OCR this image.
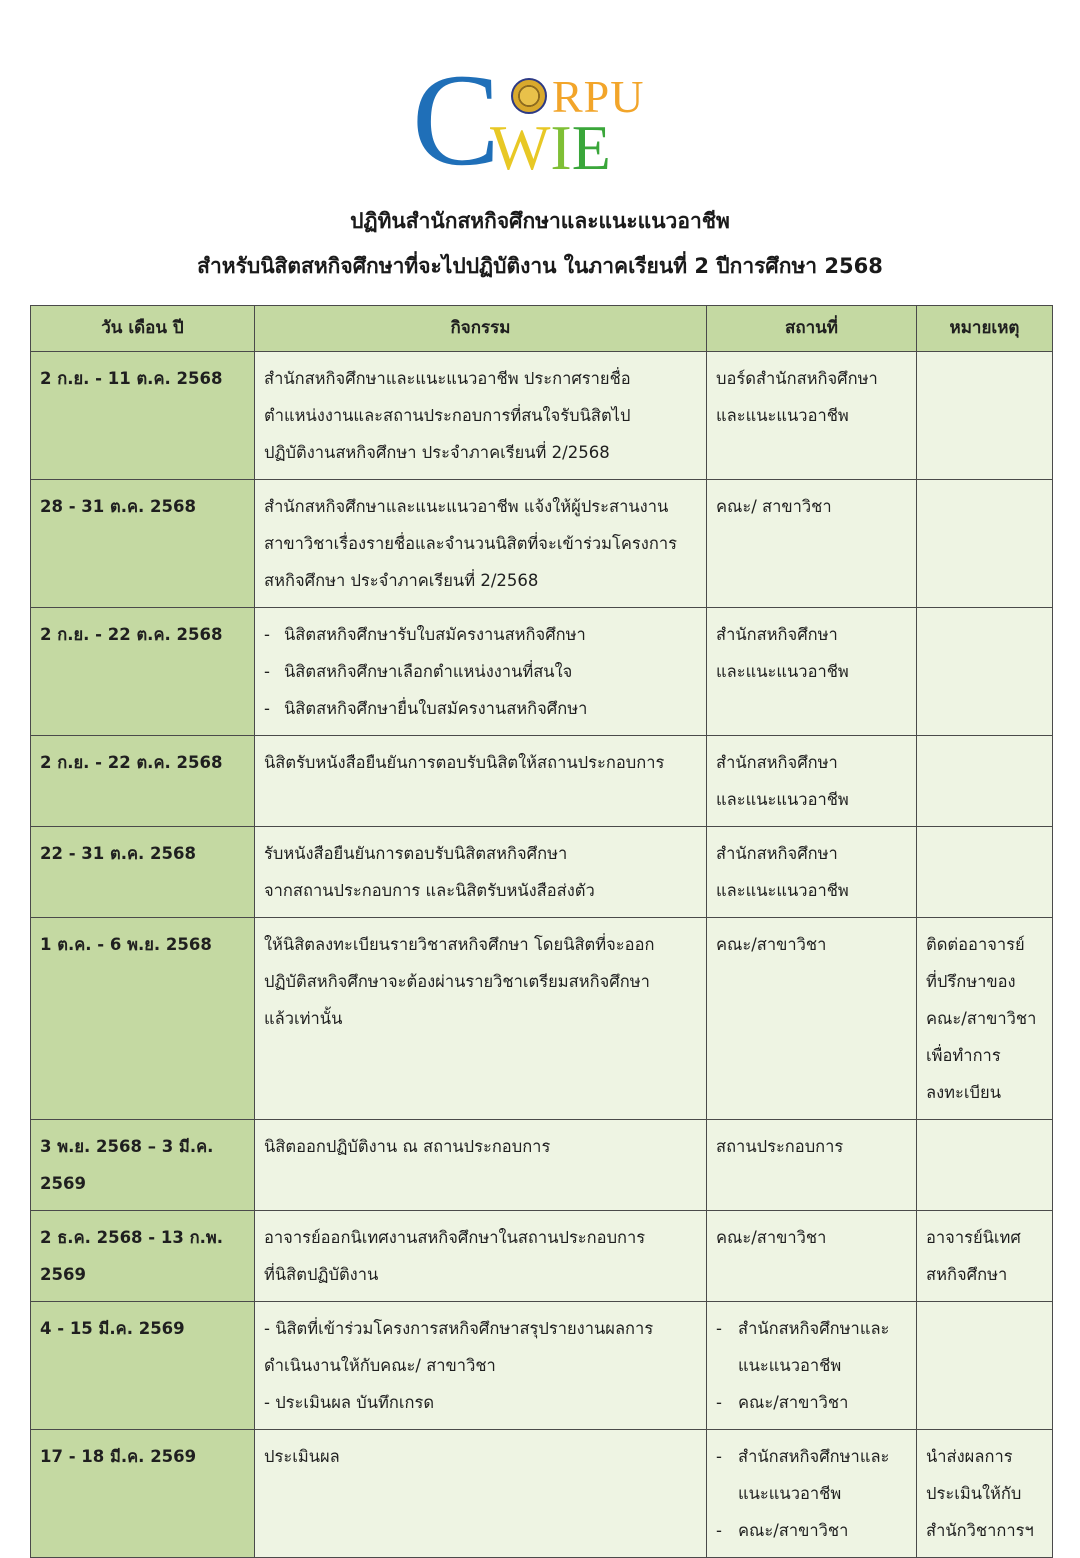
C RPU
WIE
ปฏิทินสำนักสหกิจศึกษาและแนะแนวอาชีพ
สำหรับนิสิตสหกิจศึกษาที่จะไปปฏิบัติงาน ในภาคเรียนที่ 2 ปีการศึกษา 2568
วัน เดือน ปี	กิจกรรม	สถานที่	หมายเหตุ
2 ก.ย. - 11 ต.ค. 2568	สำนักสหกิจศึกษาและแนะแนวอาชีพ ประกาศรายชื่อ
ตำแหน่งงานและสถานประกอบการที่สนใจรับนิสิตไป
ปฏิบัติงานสหกิจศึกษา ประจำภาคเรียนที่ 2/2568	บอร์ดสำนักสหกิจศึกษา
และแนะแนวอาชีพ	

28 - 31 ต.ค. 2568	สำนักสหกิจศึกษาและแนะแนวอาชีพ แจ้งให้ผู้ประสานงาน
สาขาวิชาเรื่องรายชื่อและจำนวนนิสิตที่จะเข้าร่วมโครงการ
สหกิจศึกษา ประจำภาคเรียนที่ 2/2568	คณะ/ สาขาวิชา	

2 ก.ย. - 22 ต.ค. 2568	- นิสิตสหกิจศึกษารับใบสมัครงานสหกิจศึกษา
- นิสิตสหกิจศึกษาเลือกตำแหน่งงานที่สนใจ
- นิสิตสหกิจศึกษายื่นใบสมัครงานสหกิจศึกษา	สำนักสหกิจศึกษา
และแนะแนวอาชีพ	

2 ก.ย. - 22 ต.ค. 2568	นิสิตรับหนังสือยืนยันการตอบรับนิสิตให้สถานประกอบการ	สำนักสหกิจศึกษา
และแนะแนวอาชีพ	

22 - 31 ต.ค. 2568	รับหนังสือยืนยันการตอบรับนิสิตสหกิจศึกษา
จากสถานประกอบการ และนิสิตรับหนังสือส่งตัว	สำนักสหกิจศึกษา
และแนะแนวอาชีพ	

1 ต.ค. - 6 พ.ย. 2568	ให้นิสิตลงทะเบียนรายวิชาสหกิจศึกษา โดยนิสิตที่จะออก
ปฏิบัติสหกิจศึกษาจะต้องผ่านรายวิชาเตรียมสหกิจศึกษา
แล้วเท่านั้น	คณะ/สาขาวิชา	ติดต่ออาจารย์
ที่ปรึกษาของ
คณะ/สาขาวิชา
เพื่อทำการ
ลงทะเบียน

3 พ.ย. 2568 – 3 มี.ค. 2569	นิสิตออกปฏิบัติงาน ณ สถานประกอบการ	สถานประกอบการ	

2 ธ.ค. 2568 - 13 ก.พ. 2569	อาจารย์ออกนิเทศงานสหกิจศึกษาในสถานประกอบการ
ที่นิสิตปฏิบัติงาน	คณะ/สาขาวิชา	อาจารย์นิเทศ
สหกิจศึกษา

4 - 15 มี.ค. 2569	- นิสิตที่เข้าร่วมโครงการสหกิจศึกษาสรุปรายงานผลการ
ดำเนินงานให้กับคณะ/ สาขาวิชา
- ประเมินผล บันทึกเกรด	- สำนักสหกิจศึกษาและแนะแนวอาชีพ
- คณะ/สาขาวิชา

17 - 18 มี.ค. 2569	ประเมินผล	- สำนักสหกิจศึกษาและแนะแนวอาชีพ
- คณะ/สาขาวิชา	นำส่งผลการ
ประเมินให้กับ
สำนักวิชาการฯ
